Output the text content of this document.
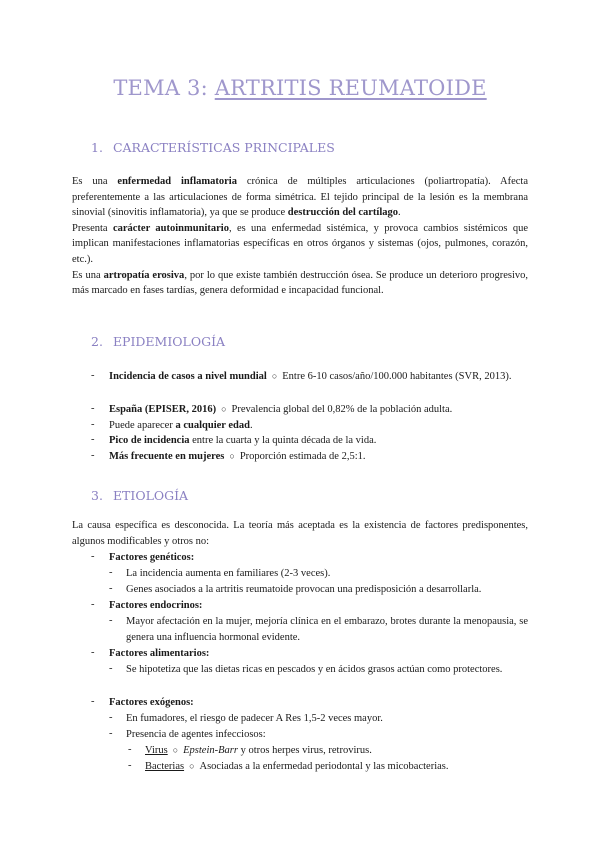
TEMA 3: ARTRITIS REUMATOIDE
1. CARACTERÍSTICAS PRINCIPALES

Es una enfermedad inflamatoria crónica de múltiples articulaciones (poliartropatía). Afecta preferentemente a las articulaciones de forma simétrica. El tejido principal de la lesión es la membrana sinovial (sinovitis inflamatoria), ya que se produce destrucción del cartílago.

Presenta carácter autoinmunitario, es una enfermedad sistémica, y provoca cambios sistémicos que implican manifestaciones inflamatorias específicas en otros órganos y sistemas (ojos, pulmones, corazón, etc.).

Es una artropatía erosiva, por lo que existe también destrucción ósea. Se produce un deterioro progresivo, más marcado en fases tardías, genera deformidad e incapacidad funcional.

2. EPIDEMIOLOGÍA
- Incidencia de casos a nivel mundial ○ Entre 6-10 casos/año/100.000 habitantes (SVR, 2013).
- España (EPISER, 2016) ○ Prevalencia global del 0,82% de la población adulta.
- Puede aparecer a cualquier edad.
- Pico de incidencia entre la cuarta y la quinta década de la vida.
- Más frecuente en mujeres ○ Proporción estimada de 2,5:1.
3. ETIOLOGÍA

La causa específica es desconocida. La teoría más aceptada es la existencia de factores predisponentes, algunos modificables y otros no:

- Factores genéticos:
- La incidencia aumenta en familiares (2-3 veces).
- Genes asociados a la artritis reumatoide provocan una predisposición a desarrollarla.
- Factores endocrinos:
- Mayor afectación en la mujer, mejoría clínica en el embarazo, brotes durante la menopausia, se genera una influencia hormonal evidente.
- Factores alimentarios:
- Se hipotetiza que las dietas ricas en pescados y en ácidos grasos actúan como protectores.
- Factores exógenos:
- En fumadores, el riesgo de padecer A Res 1,5-2 veces mayor.
- Presencia de agentes infecciosos:
- Virus ○ Epstein-Barr y otros herpes virus, retrovirus.
- Bacterias ○ Asociadas a la enfermedad periodontal y las micobacterias.
